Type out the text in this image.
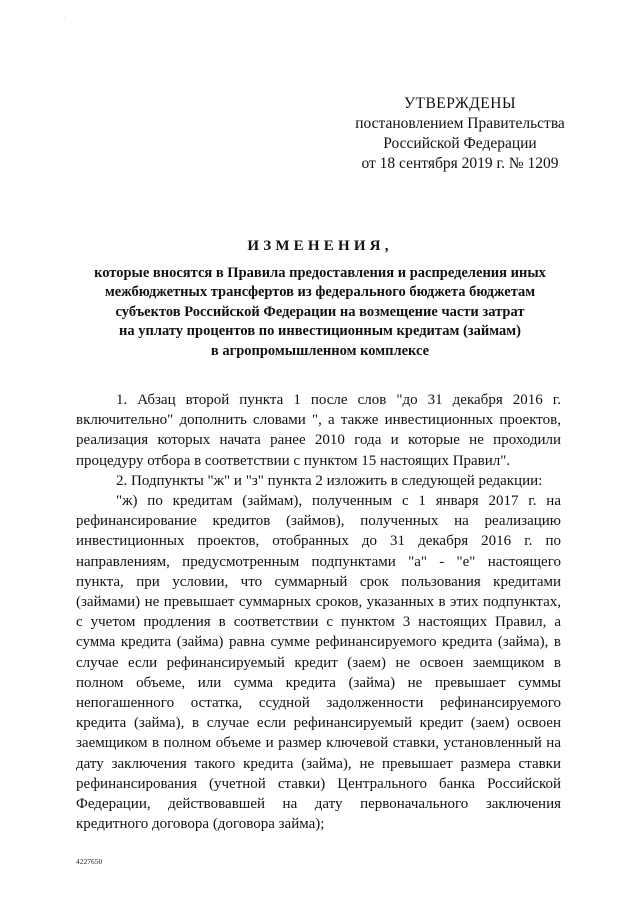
·
УТВЕРЖДЕНЫ
постановлением Правительства
Российской Федерации
от 18 сентября 2019 г. № 1209
ИЗМЕНЕНИЯ,
которые вносятся в Правила предоставления и распределения иных
межбюджетных трансфертов из федерального бюджета бюджетам
субъектов Российской Федерации на возмещение части затрат
на уплату процентов по инвестиционным кредитам (займам)
в агропромышленном комплексе

1. Абзац второй пункта 1 после слов "до 31 декабря 2016 г. включительно" дополнить словами ", а также инвестиционных проектов, реализация которых начата ранее 2010 года и которые не проходили процедуру отбора в соответствии с пунктом 15 настоящих Правил".

2. Подпункты "ж" и "з" пункта 2 изложить в следующей редакции:

"ж) по кредитам (займам), полученным с 1 января 2017 г. на рефинансирование кредитов (займов), полученных на реализацию инвестиционных проектов, отобранных до 31 декабря 2016 г. по направлениям, предусмотренным подпунктами "а" - "е" настоящего пункта, при условии, что суммарный срок пользования кредитами (займами) не превышает суммарных сроков, указанных в этих подпунктах, с учетом продления в соответствии с пунктом 3 настоящих Правил, а сумма кредита (займа) равна сумме рефинансируемого кредита (займа), в случае если рефинансируемый кредит (заем) не освоен заемщиком в полном объеме, или сумма кредита (займа) не превышает суммы непогашенного остатка, ссудной задолженности рефинансируемого кредита (займа), в случае если рефинансируемый кредит (заем) освоен заемщиком в полном объеме и размер ключевой ставки, установленный на дату заключения такого кредита (займа), не превышает размера ставки рефинансирования (учетной ставки) Центрального банка Российской Федерации, действовавшей на дату первоначального заключения кредитного договора (договора займа);

4227650
